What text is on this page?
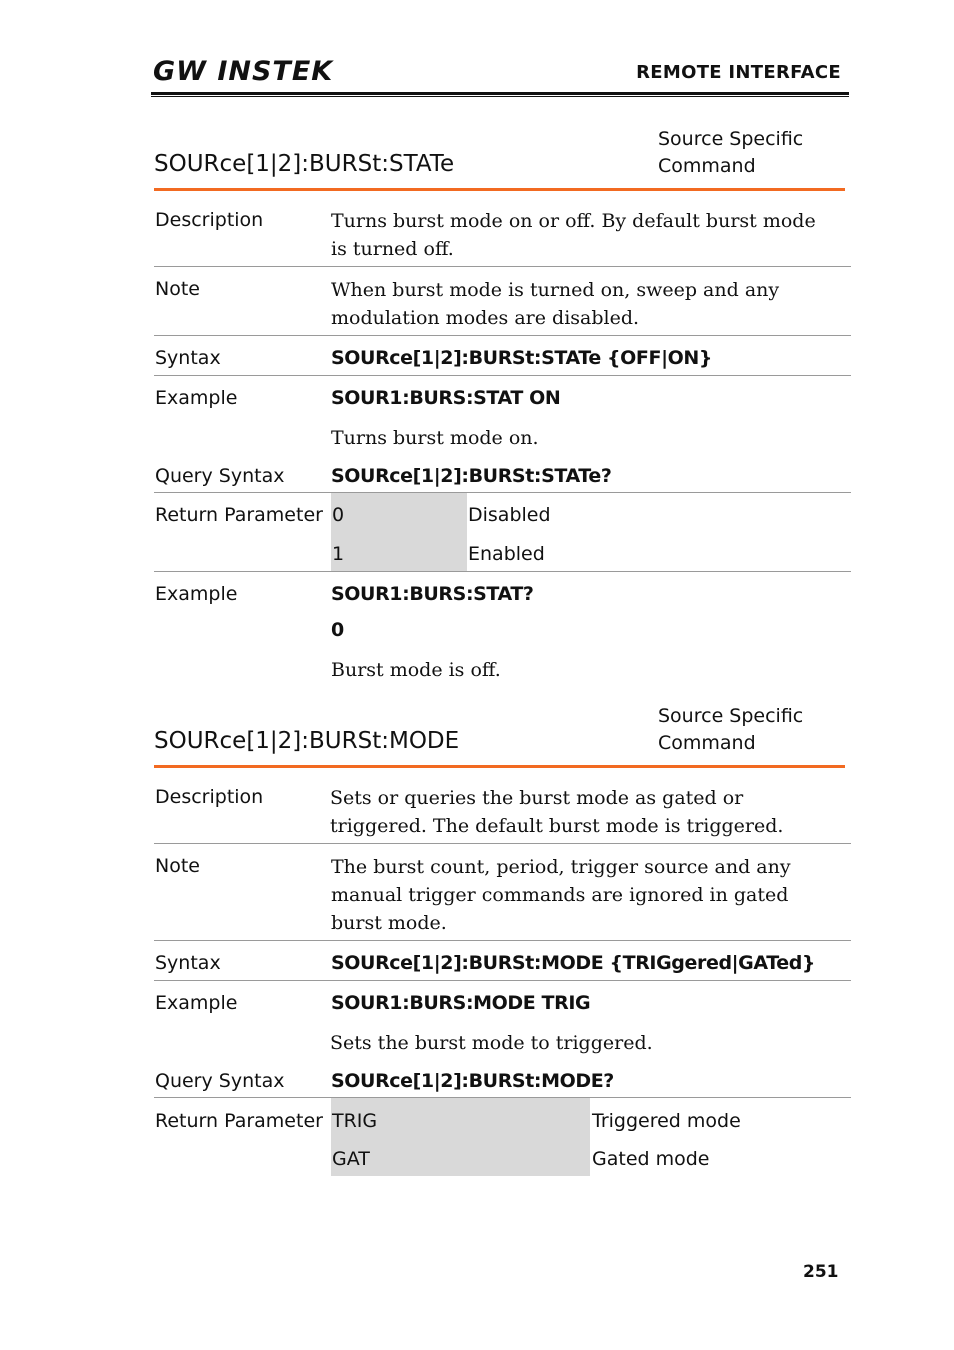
GW INSTEK	REMOTE INTERFACE
SOURce[1|2]:BURSt:STATe
Source Specific
Command
Description	Turns burst mode on or off. By default burst mode
is turned off.
Note	When burst mode is turned on, sweep and any
modulation modes are disabled.
Syntax	SOURce[1|2]:BURSt:STATe {OFF|ON}
Example	SOUR1:BURS:STAT ON
Turns burst mode on.
Query Syntax SOURce[1|2]:BURSt:STATe?
Return Parameter 0	Disabled
1	Enabled
Example	SOUR1:BURS:STAT?
0
Burst mode is off.
SOURce[1|2]:BURSt:MODE
Source Specific
Command
Description	Sets or queries the burst mode as gated or
triggered. The default burst mode is triggered.
Note	The burst count, period, trigger source and any
manual trigger commands are ignored in gated
burst mode.
Syntax	SOURce[1|2]:BURSt:MODE {TRIGgered|GATed}
Example	SOUR1:BURS:MODE TRIG
Sets the burst mode to triggered.
Query Syntax SOURce[1|2]:BURSt:MODE?
Return Parameter TRIG	Triggered mode
GAT	Gated mode
251
